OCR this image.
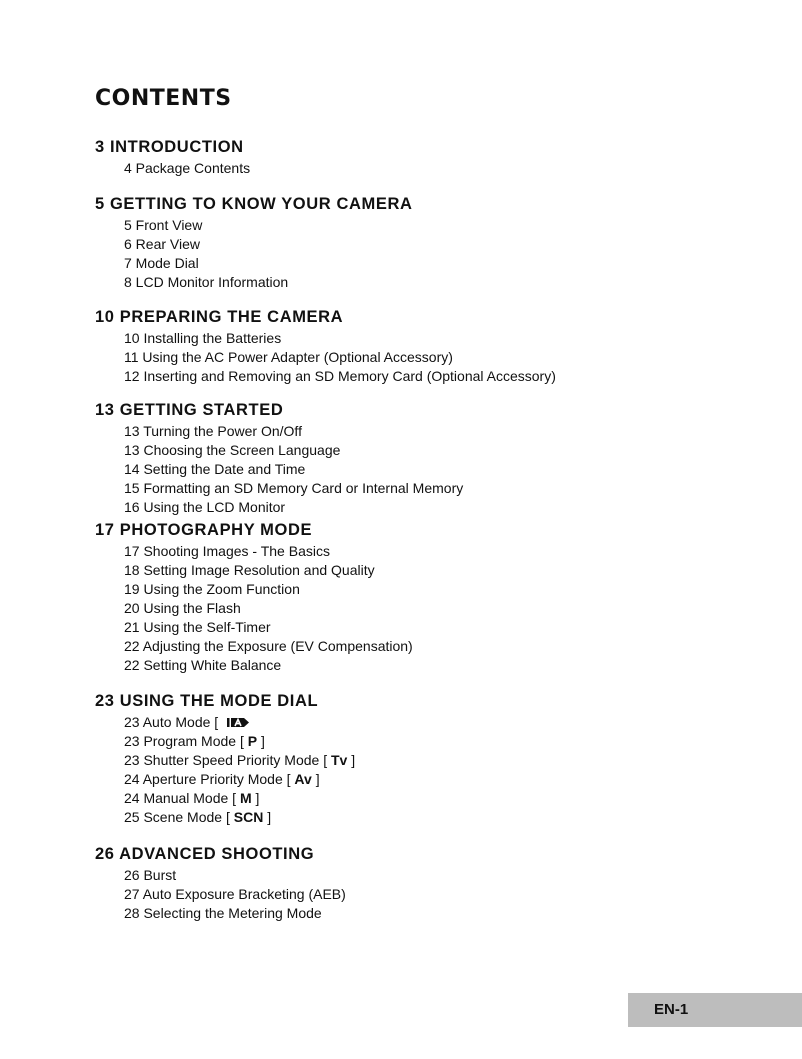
CONTENTS
3 INTRODUCTION
4 Package Contents
5 GETTING TO KNOW YOUR CAMERA
5 Front View
6 Rear View
7 Mode Dial
8 LCD Monitor Information
10 PREPARING THE CAMERA
10 Installing the Batteries
11 Using the AC Power Adapter (Optional Accessory)
12 Inserting and Removing an SD Memory Card (Optional Accessory)
13 GETTING STARTED
13 Turning the Power On/Off
13 Choosing the Screen Language
14 Setting the Date and Time
15 Formatting an SD Memory Card or Internal Memory
16 Using the LCD Monitor
17 PHOTOGRAPHY MODE
17 Shooting Images - The Basics
18 Setting Image Resolution and Quality
19 Using the Zoom Function
20 Using the Flash
21 Using the Self-Timer
22 Adjusting the Exposure (EV Compensation)
22 Setting White Balance
23 USING THE MODE DIAL
23 Auto Mode [
23 Program Mode [ P ]
23 Shutter Speed Priority Mode [ Tv ]
24 Aperture Priority Mode [ Av ]
24 Manual Mode [ M ]
25 Scene Mode [ SCN ]
26 ADVANCED SHOOTING
26 Burst
27 Auto Exposure Bracketing (AEB)
28 Selecting the Metering Mode
EN-1
